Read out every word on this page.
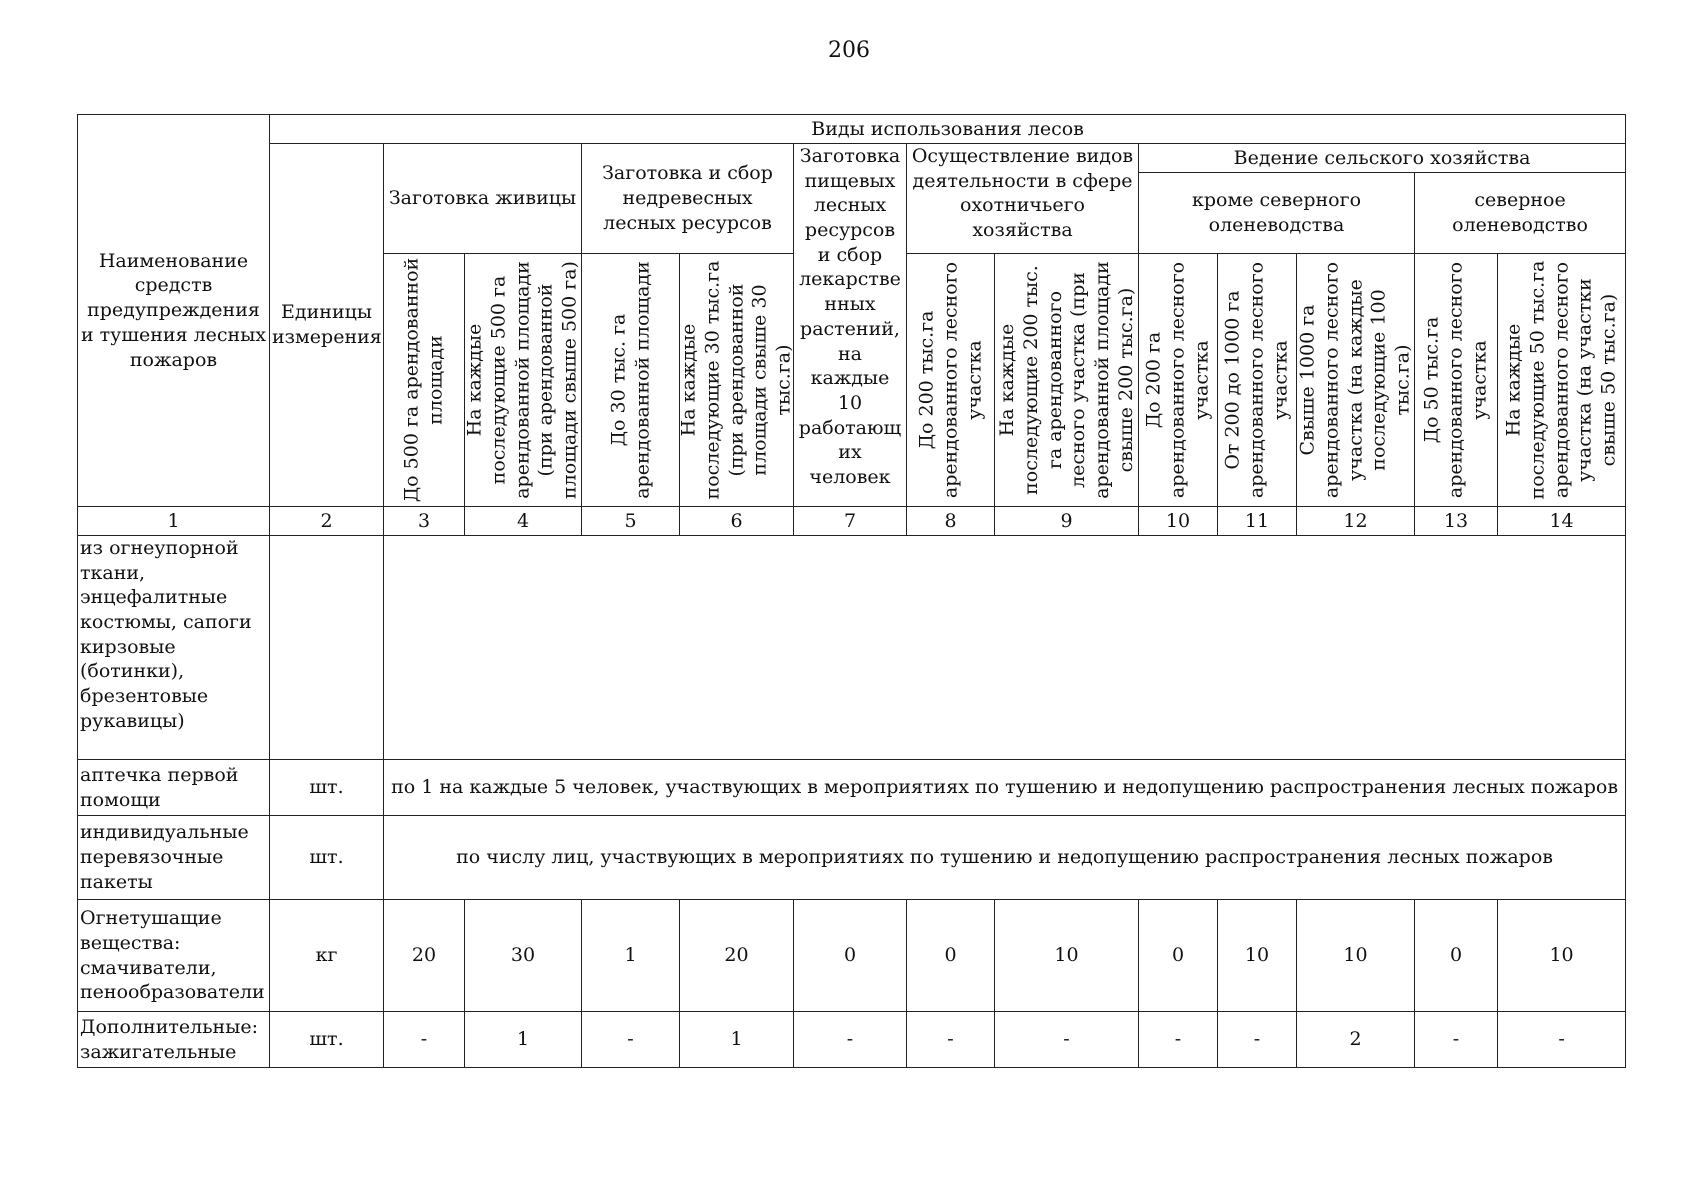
206
Наименование средств предупреждения и тушения лесных пожаров	Виды использования лесов												
	Единицы измерения	Заготовка живицы		Заготовка и сбор недревесных лесных ресурсов		Заготовка пищевых лесных ресурсов и сбор лекарстве нных растений, на каждые 10 работающ их человек	Осуществление видов деятельности в сфере охотничьего хозяйства		Ведение сельского хозяйства				
									кроме северного оленеводства			северное оленеводство	

		До 500 га арендованной площади	На каждые последующие 500 га арендованной площади (при арендованной площади свыше 500 га)	До 30 тыс. га арендованной площади	На каждые последующие 30 тыс.га (при арендованной площади свыше 30 тыс.га)		До 200 тыс.га арендованного лесного участка	На каждые последующие 200 тыс. га арендованного лесного участка (при арендованной площади свыше 200 тыс.га)	До 200 га арендованного лесного участка	От 200 до 1000 га арендованного лесного участка	Свыше 1000 га арендованного лесного участка (на каждые последующие 100 тыс.га)	До 50 тыс.га арендованного лесного участка	На каждые последующие 50 тыс.га арендованного лесного участка (на участки свыше 50 тыс.га)

1	2	3	4	5	6	7	8	9	10	11	12	13	14
из огнеупорной ткани, энцефалитные костюмы, сапоги кирзовые (ботинки), брезентовые рукавицы)													
аптечка первой помощи	шт.	по 1 на каждые 5 человек, участвующих в мероприятиях по тушению и недопущению распространения лесных пожаров											
индивидуальные перевязочные пакеты	шт.	по числу лиц, участвующих в мероприятиях по тушению и недопущению распространения лесных пожаров											
Огнетушащие вещества: смачиватели, пенообразователи	кг	20	30	1	20	0	0	10	0	10	10	0	10
Дополнительные: зажигательные	шт.	-	1	-	1	-	-	-	-	-	2	-	-
